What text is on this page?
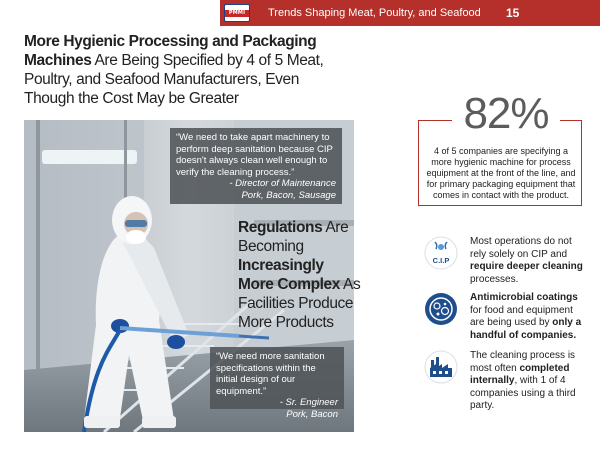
PMMI	Trends Shaping Meat, Poultry, and Seafood 15
More Hygienic Processing and Packaging Machines Are Being Specified by 4 of 5 Meat, Poultry, and Seafood Manufacturers, Even Though the Cost May be Greater
“We need to take apart machinery to perform deep sanitation because CIP doesn't always clean well enough to verify the cleaning process.”
- Director of Maintenance
Pork, Bacon, Sausage
“We need more sanitation specifications within the initial design of our equipment.”
- Sr. Engineer
Pork, Bacon
Regulations Are Becoming Increasingly More Complex As Facilities Produce More Products
82%
4 of 5 companies are specifying a more hygienic machine for process equipment at the front of the line, and for primary packaging equipment that comes in contact with the product.
C.I.P
Most operations do not rely solely on CIP and require deeper cleaning processes.
Antimicrobial coatings for food and equipment are being used by only a handful of companies.
The cleaning process is most often completed internally, with 1 of 4 companies using a third party.
